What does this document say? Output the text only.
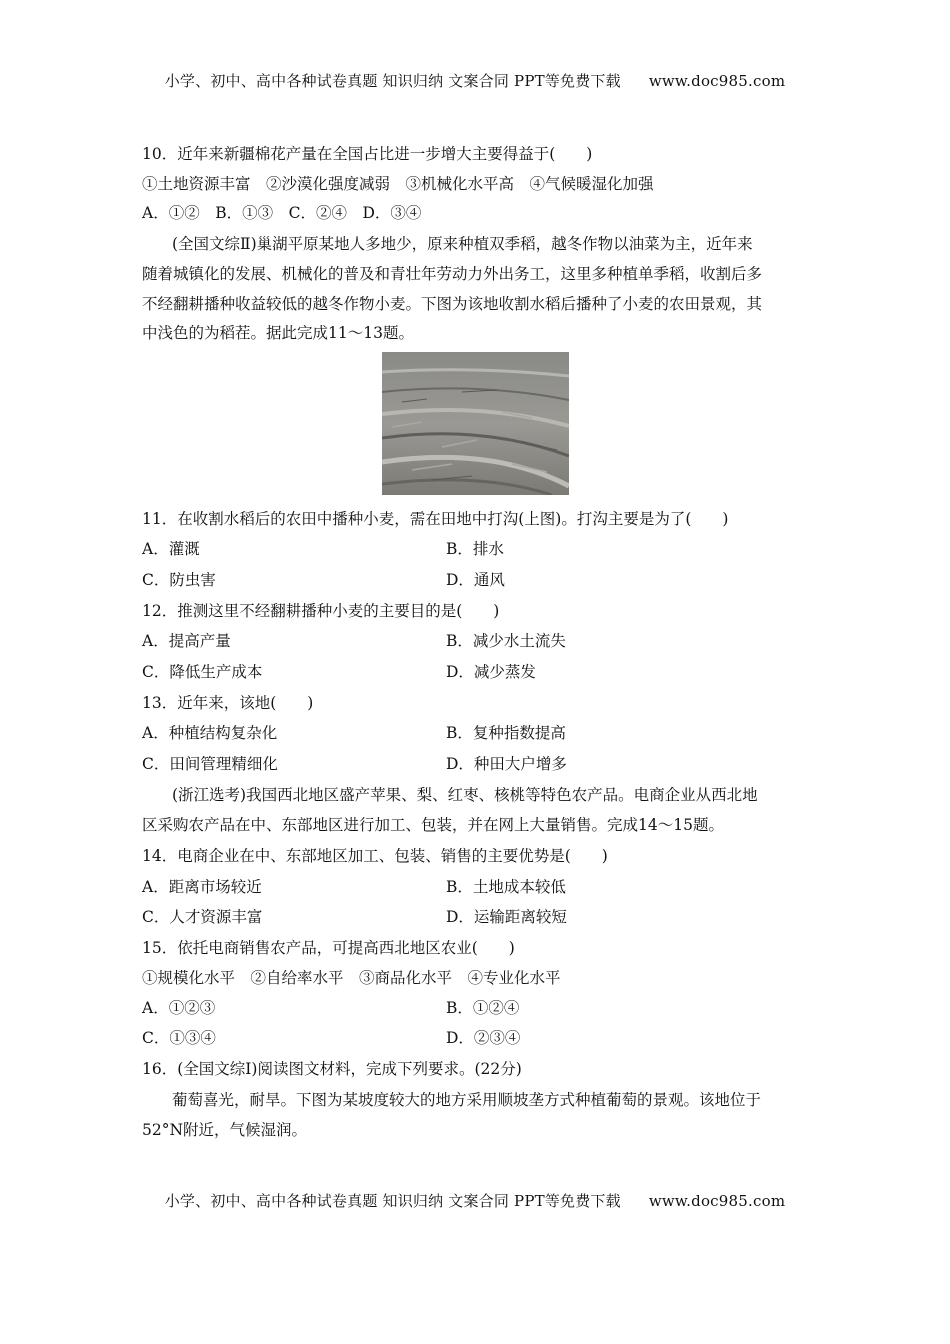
小学、初中、高中各种试卷真题 知识归纳 文案合同 PPT等免费下载 www.doc985.com
10．近年来新疆棉花产量在全国占比进一步增大主要得益于(　　)
①土地资源丰富　②沙漠化强度减弱　③机械化水平高　④气候暖湿化加强
A．①②　B．①③　C．②④　D．③④
(全国文综Ⅱ)巢湖平原某地人多地少，原来种植双季稻，越冬作物以油菜为主，近年来
随着城镇化的发展、机械化的普及和青壮年劳动力外出务工，这里多种植单季稻，收割后多
不经翻耕播种收益较低的越冬作物小麦。下图为该地收割水稻后播种了小麦的农田景观，其
中浅色的为稻茬。据此完成11～13题。
11．在收割水稻后的农田中播种小麦，需在田地中打沟(上图)。打沟主要是为了(　　)
A．灌溉	B．排水
C．防虫害	D．通风
12．推测这里不经翻耕播种小麦的主要目的是(　　)
A．提高产量	B．减少水土流失
C．降低生产成本	D．减少蒸发
13．近年来，该地(　　)
A．种植结构复杂化	B．复种指数提高
C．田间管理精细化	D．种田大户增多
(浙江选考)我国西北地区盛产苹果、梨、红枣、核桃等特色农产品。电商企业从西北地
区采购农产品在中、东部地区进行加工、包装，并在网上大量销售。完成14～15题。
14．电商企业在中、东部地区加工、包装、销售的主要优势是(　　)
A．距离市场较近	B．土地成本较低
C．人才资源丰富	D．运输距离较短
15．依托电商销售农产品，可提高西北地区农业(　　)
①规模化水平　②自给率水平　③商品化水平　④专业化水平
A．①②③	B．①②④
C．①③④	D．②③④
16．(全国文综Ⅰ)阅读图文材料，完成下列要求。(22分)
葡萄喜光，耐旱。下图为某坡度较大的地方采用顺坡垄方式种植葡萄的景观。该地位于
52°N附近，气候湿润。
小学、初中、高中各种试卷真题 知识归纳 文案合同 PPT等免费下载 www.doc985.com
